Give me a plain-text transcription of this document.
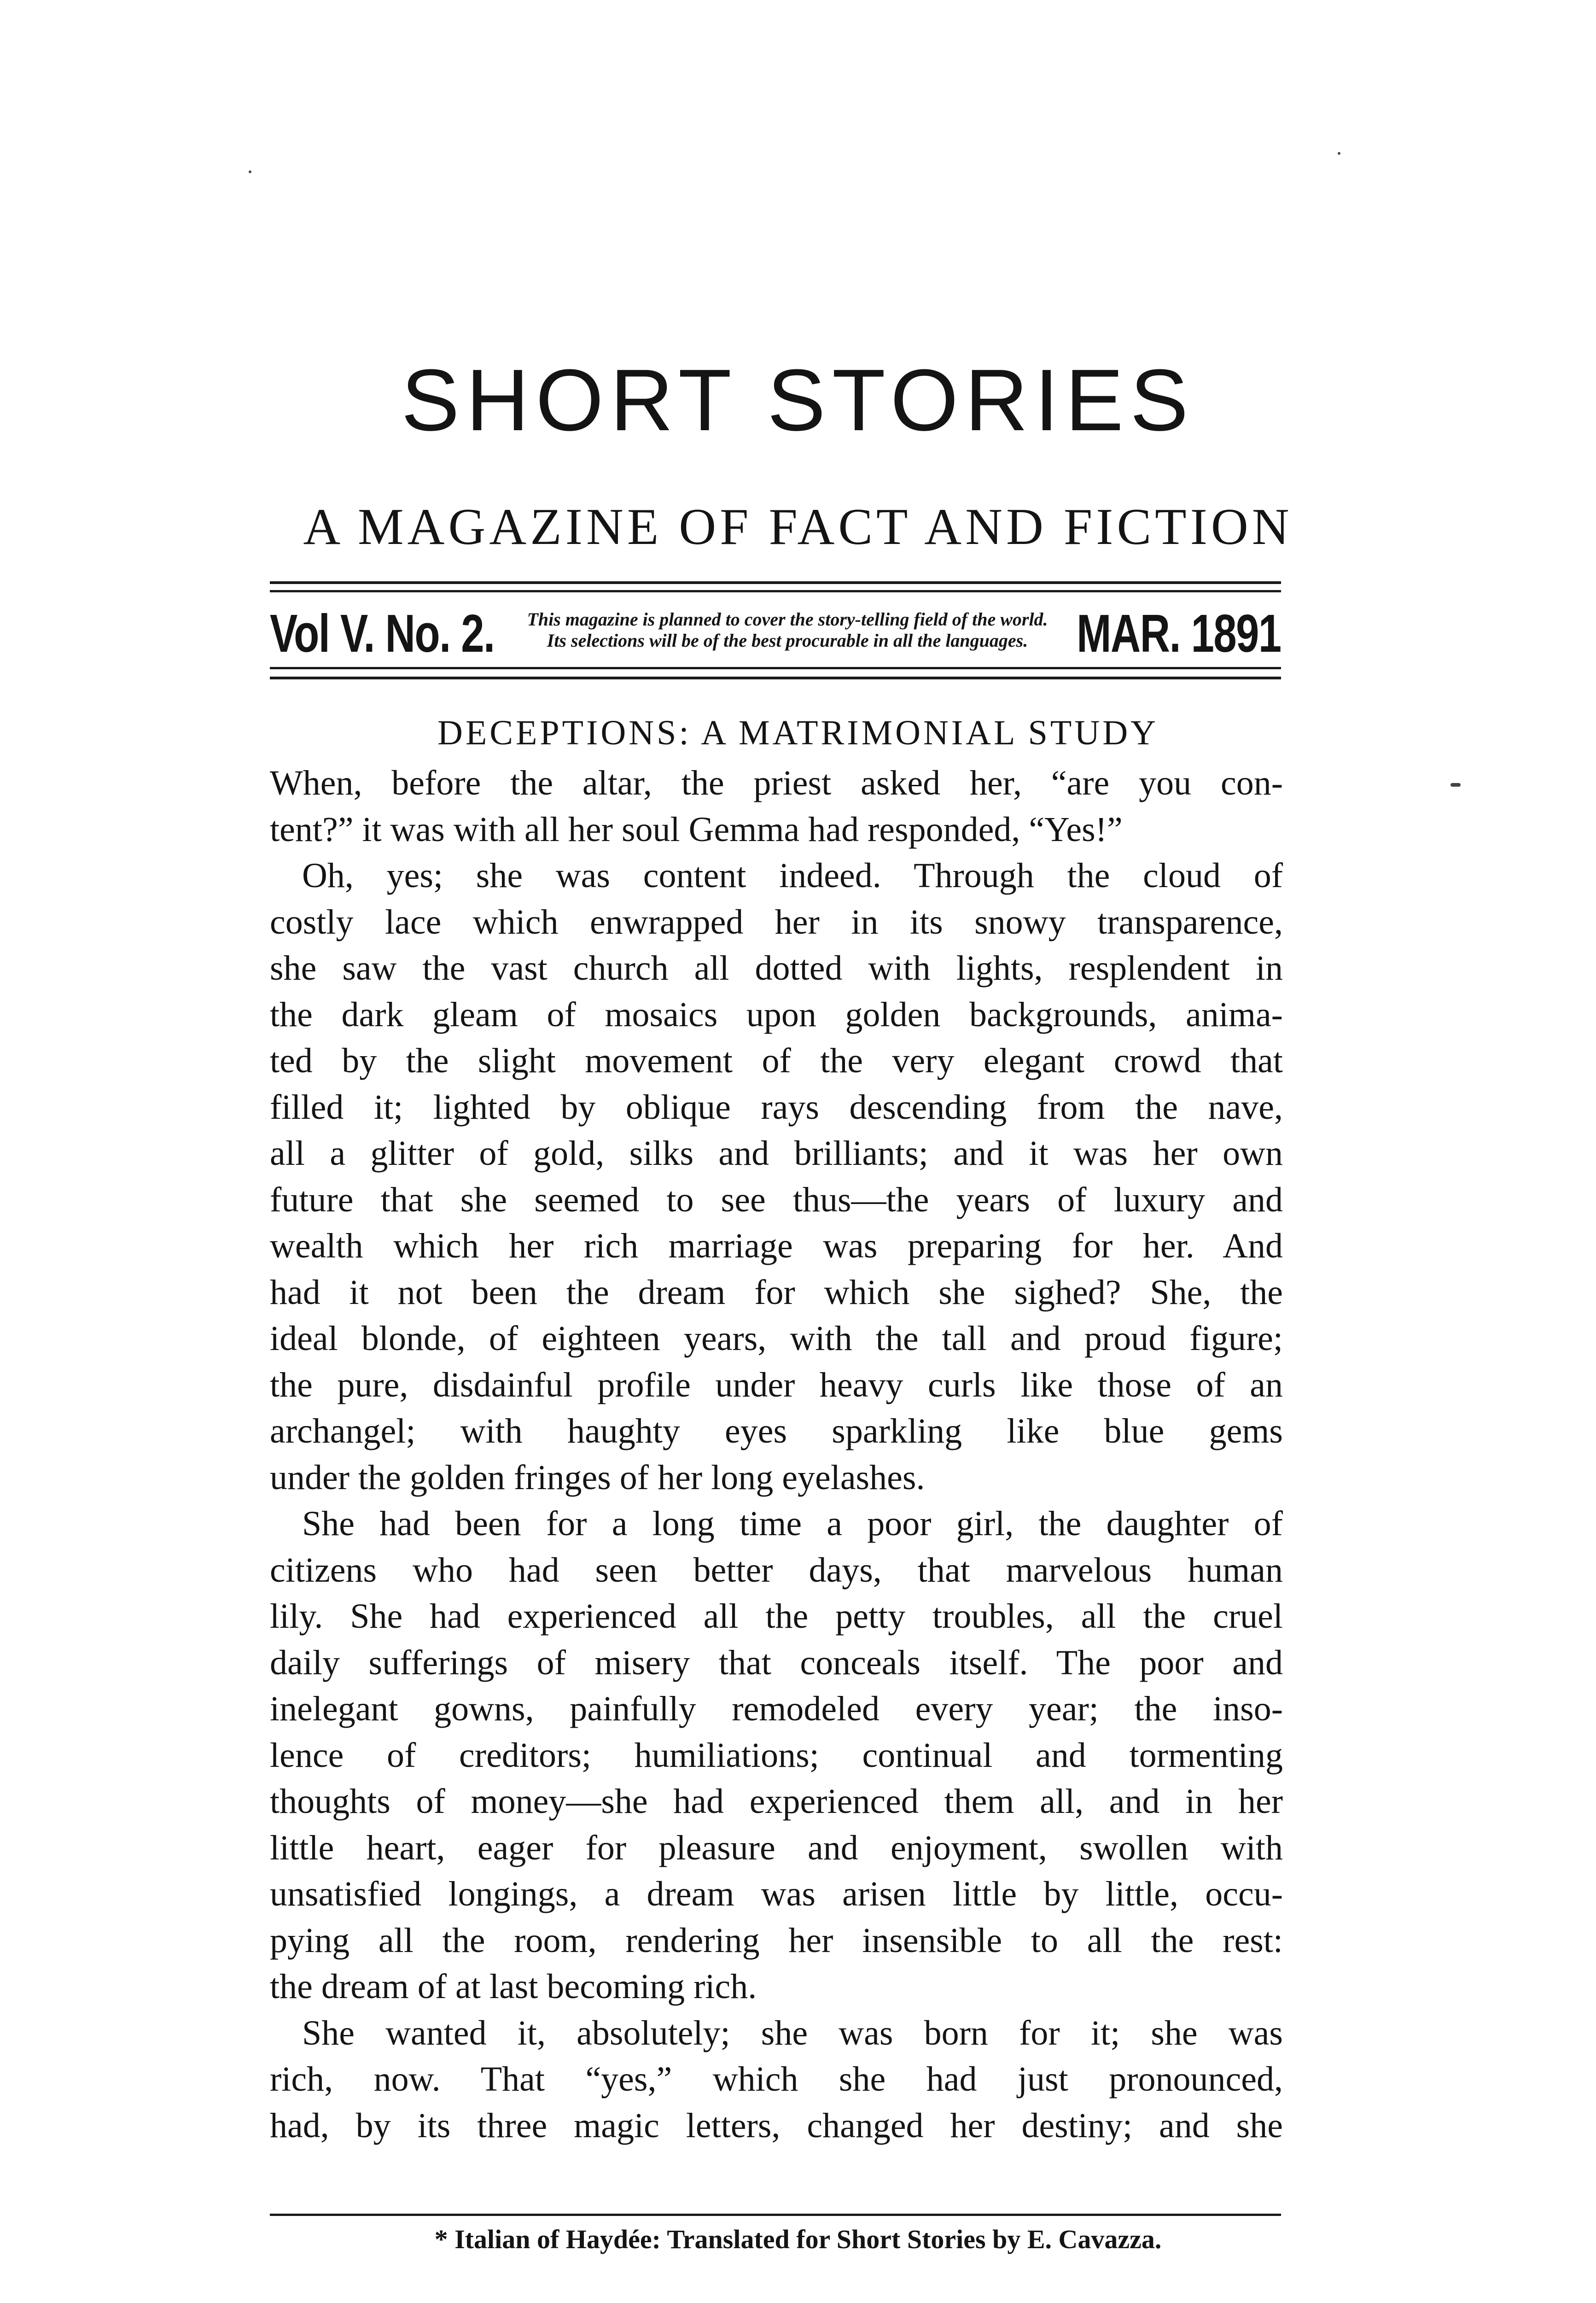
SHORT STORIES
A MAGAZINE OF FACT AND FICTION
Vol V. No. 2.	This magazine is planned to cover the story-telling field of the world.
Its selections will be of the best procurable in all the languages. MAR. 1891
DECEPTIONS: A MATRIMONIAL STUDY
When, before the altar, the priest asked her, “are you con-
tent?” it was with all her soul Gemma had responded, “Yes!”
Oh, yes; she was content indeed. Through the cloud of
costly lace which enwrapped her in its snowy transparence,
she saw the vast church all dotted with lights, resplendent in
the dark gleam of mosaics upon golden backgrounds, anima-
ted by the slight movement of the very elegant crowd that
filled it; lighted by oblique rays descending from the nave,
all a glitter of gold, silks and brilliants; and it was her own
future that she seemed to see thus—the years of luxury and
wealth which her rich marriage was preparing for her. And
had it not been the dream for which she sighed? She, the
ideal blonde, of eighteen years, with the tall and proud figure;
the pure, disdainful profile under heavy curls like those of an
archangel; with haughty eyes sparkling like blue gems
under the golden fringes of her long eyelashes.
She had been for a long time a poor girl, the daughter of
citizens who had seen better days, that marvelous human
lily. She had experienced all the petty troubles, all the cruel
daily sufferings of misery that conceals itself. The poor and
inelegant gowns, painfully remodeled every year; the inso-
lence of creditors; humiliations; continual and tormenting
thoughts of money—she had experienced them all, and in her
little heart, eager for pleasure and enjoyment, swollen with
unsatisfied longings, a dream was arisen little by little, occu-
pying all the room, rendering her insensible to all the rest:
the dream of at last becoming rich.
She wanted it, absolutely; she was born for it; she was
rich, now. That “yes,” which she had just pronounced,
had, by its three magic letters, changed her destiny; and she
* Italian of Haydée: Translated for Short Stories by E. Cavazza.
